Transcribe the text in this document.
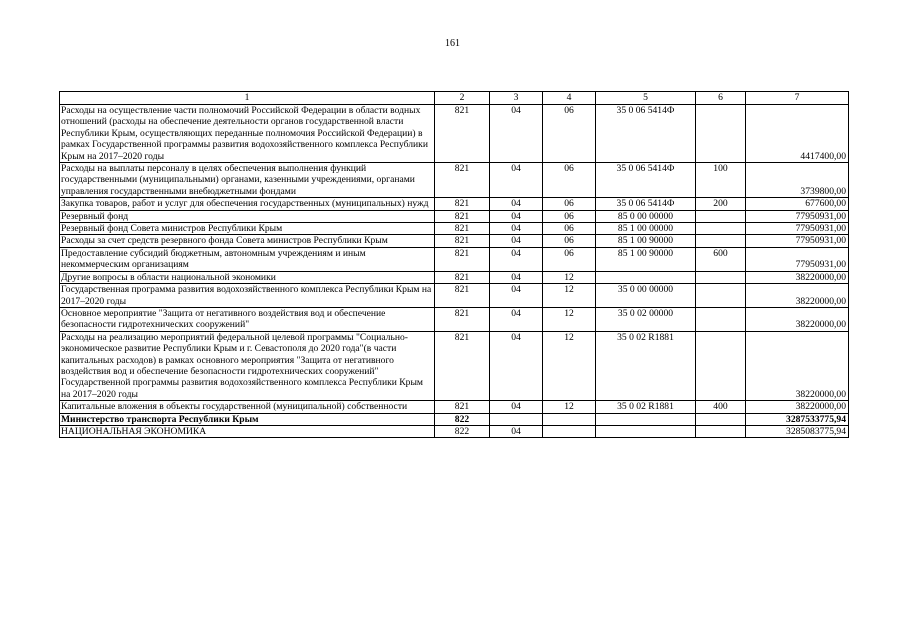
161
1	2	3	4	5	6	7
Расходы на осуществление части полномочий Российской Федерации в области водных отношений (расходы на обеспечение деятельности органов государственной власти Республики Крым, осуществляющих переданные полномочия Российской Федерации) в рамках Государственной программы развития водохозяйственного комплекса Республики Крым на 2017–2020 годы	821	04	06	35 0 06 5414Ф		4417400,00
Расходы на выплаты персоналу в целях обеспечения выполнения функций государственными (муниципальными) органами, казенными учреждениями, органами управления государственными внебюджетными фондами	821	04	06	35 0 06 5414Ф	100	3739800,00
Закупка товаров, работ и услуг для обеспечения государственных (муниципальных) нужд	821	04	06	35 0 06 5414Ф	200	677600,00
Резервный фонд	821	04	06	85 0 00 00000		77950931,00
Резервный фонд Совета министров Республики Крым	821	04	06	85 1 00 00000		77950931,00
Расходы за счет средств резервного фонда Совета министров Республики Крым	821	04	06	85 1 00 90000		77950931,00
Предоставление субсидий бюджетным, автономным учреждениям и иным некоммерческим организациям	821	04	06	85 1 00 90000	600	77950931,00
Другие вопросы в области национальной экономики	821	04	12			38220000,00
Государственная программа развития водохозяйственного комплекса Республики Крым на 2017–2020 годы	821	04	12	35 0 00 00000		38220000,00
Основное мероприятие "Защита от негативного воздействия вод и обеспечение безопасности гидротехнических сооружений"	821	04	12	35 0 02 00000		38220000,00
Расходы на реализацию мероприятий федеральной целевой программы "Социально-экономическое развитие Республики Крым и г. Севастополя до 2020 года"(в части капитальных расходов) в рамках основного мероприятия "Защита от негативного воздействия вод и обеспечение безопасности гидротехнических сооружений" Государственной программы развития водохозяйственного комплекса Республики Крым на 2017–2020 годы	821	04	12	35 0 02 R1881		38220000,00
Капитальные вложения в объекты государственной (муниципальной) собственности	821	04	12	35 0 02 R1881	400	38220000,00
Министерство транспорта Республики Крым	822					3287533775,94
НАЦИОНАЛЬНАЯ ЭКОНОМИКА	822	04				3285083775,94
